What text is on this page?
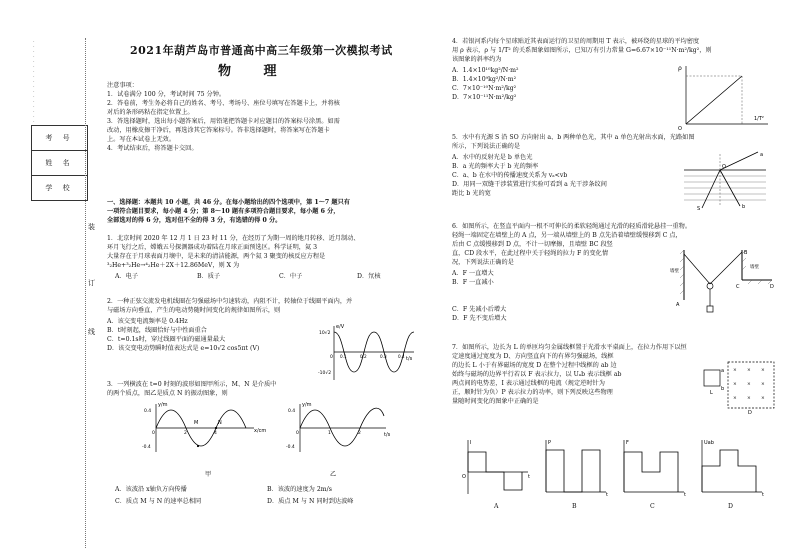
·
·
·
·
·
·
·
·
·
·
·
·
·
·
·
·
·
考 号
姓 名
学 校
装
订
线
2021年葫芦岛市普通高中高三年级第一次模拟考试
物 理
注意事项：
1．试卷满分 100 分，考试时间 75 分钟。
2．答卷前，考生务必将自己的姓名、考号、考场号、座位号填写在答题卡上，并将核
对后的条形码粘在指定位置上。
3．答选择题时，选出每小题答案后，用铅笔把答题卡对应题目的答案标号涂黑。如需
改动，用橡皮擦干净后，再选涂其它答案标号。答非选择题时，将答案写在答题卡
上。写在本试卷上无效。
4．考试结束后，将答题卡交回。
一、选择题：本题共 10 小题，共 46 分。在每小题给出的四个选项中，第 1～7 题只有
一项符合题目要求，每小题 4 分；第 8～10 题有多项符合题目要求，每小题 6 分，
全部选对的得 6 分，选对但不全的得 3 分，有选错的得 0 分。
1．北京时间 2020 年 12 月 1 日 23 时 11 分，在经历了为期一周的地月转移、近月制动、
环月飞行之后，嫦娥五号探测器成功着陆在月球正面预选区。科学证明，氦 3
大量存在于月球表面月壤中，是未来的清洁能源，两个氦 3 聚变的核反应方程是
³₂He+³₂He→⁴₂He＋2X＋12.86MeV，则 X 为
A．电子	B．质子	C．中子	D．氘核
2．一种正弦交流发电机线圈在匀强磁场中匀速转动，内阻不计，转轴位于线圈平面内，并
与磁场方向垂直，产生的电动势随时间变化的规律如图所示，则
A．该交变电流频率是 0.4Hz
B．t时刻起，线圈恰好与中性面重合
C．t=0.1s时，穿过线圈平面的磁通量最大
D．该交变电动势瞬时值表达式是 e=10√2 cos5πt (V)
e/V
t/s
10√2
-10√2
0 0.1	0.2	0.3	0.4
3．一列横波在 t=0 时刻的波形如图甲所示，M、N 是介质中
的两个质点，图乙是质点 N 的振动图象，则
y/m
x/cm
0.4
-0.4
0	2	4
M	N
甲
y/m
t/s
0.4
-0.4
0	1	2
乙
A．该波沿 x轴负方向传播	B．该波的速度为 2m/s
C．质点 M 与 N 的速率总相同	D．质点 M 与 N 同时到达波峰
4．若银河系内每个星球贴近其表面运行的卫星的周期用 T 表示，被环绕的星球的平均密度
用 ρ 表示，ρ 与 1/T² 的关系图象如图所示，已知万有引力常量 G=6.67×10⁻¹¹N·m²/kg²，则
该图象的斜率约为
A．1.4×10¹⁰kg²/N·m²
B．1.4×10⁹kg²/N·m²
C．7×10⁻¹⁰N·m²/kg²
D．7×10⁻¹¹N·m²/kg²
ρ
1/T²
O
5．水中有光源 S 沿 SO 方向射出 a、b 两种单色光，其中 a 单色光射出水面，光路如图
所示，下列说法正确的是
A．水中的反射光是 b 单色光
B．a 光的频率大于 b 光的频率
C．a、b 在水中的传播速度关系为 vₐ<vb
D．用同一双缝干涉装置进行实验可看到 a 光干涉条纹间
距比 b 光的宽
a
b
O
S
6．如图所示，在竖直平面内一根不可伸长的柔软轻绳通过光滑的轻质滑轮悬挂一重物。
轻绳一端固定在墙壁上的 A 点，另一端从墙壁上的 B 点先沿着墙壁缓慢移到 C 点，
后由 C 点缓慢移到 D 点，不计一切摩擦，且墙壁 BC 段竖
直，CD 段水平，在此过程中关于轻绳的拉力 F 的变化情
况，下列说法正确的是
A．F 一直增大
B．F 一直减小
C．F 先减小后增大
D．F 先不变后增大
A
B
C	D
墙壁
墙壁
7．如图所示，边长为 L 的单匝均匀金属线框置于光滑水平桌面上，在拉力作用下以恒
定速度通过宽度为 D、方向竖直向下的有界匀强磁场，线框
的边长 L 小于有界磁场的宽度 D 在整个过程中线框的 ab 边
始终与磁场的边界平行若以 F 表示拉力，以 Uₐb 表示线框 ab
两点间的电势差，I 表示通过线框的电流（规定逆时针为
正，顺时针为负）P 表示拉力的功率，则下列反映这些物理
量随时间变化的图象中正确的是
× × ×
× × ×
× × ×
a
b
D
L
I	P	F	Uab
t
t	t	t
O
A	B	C	D
